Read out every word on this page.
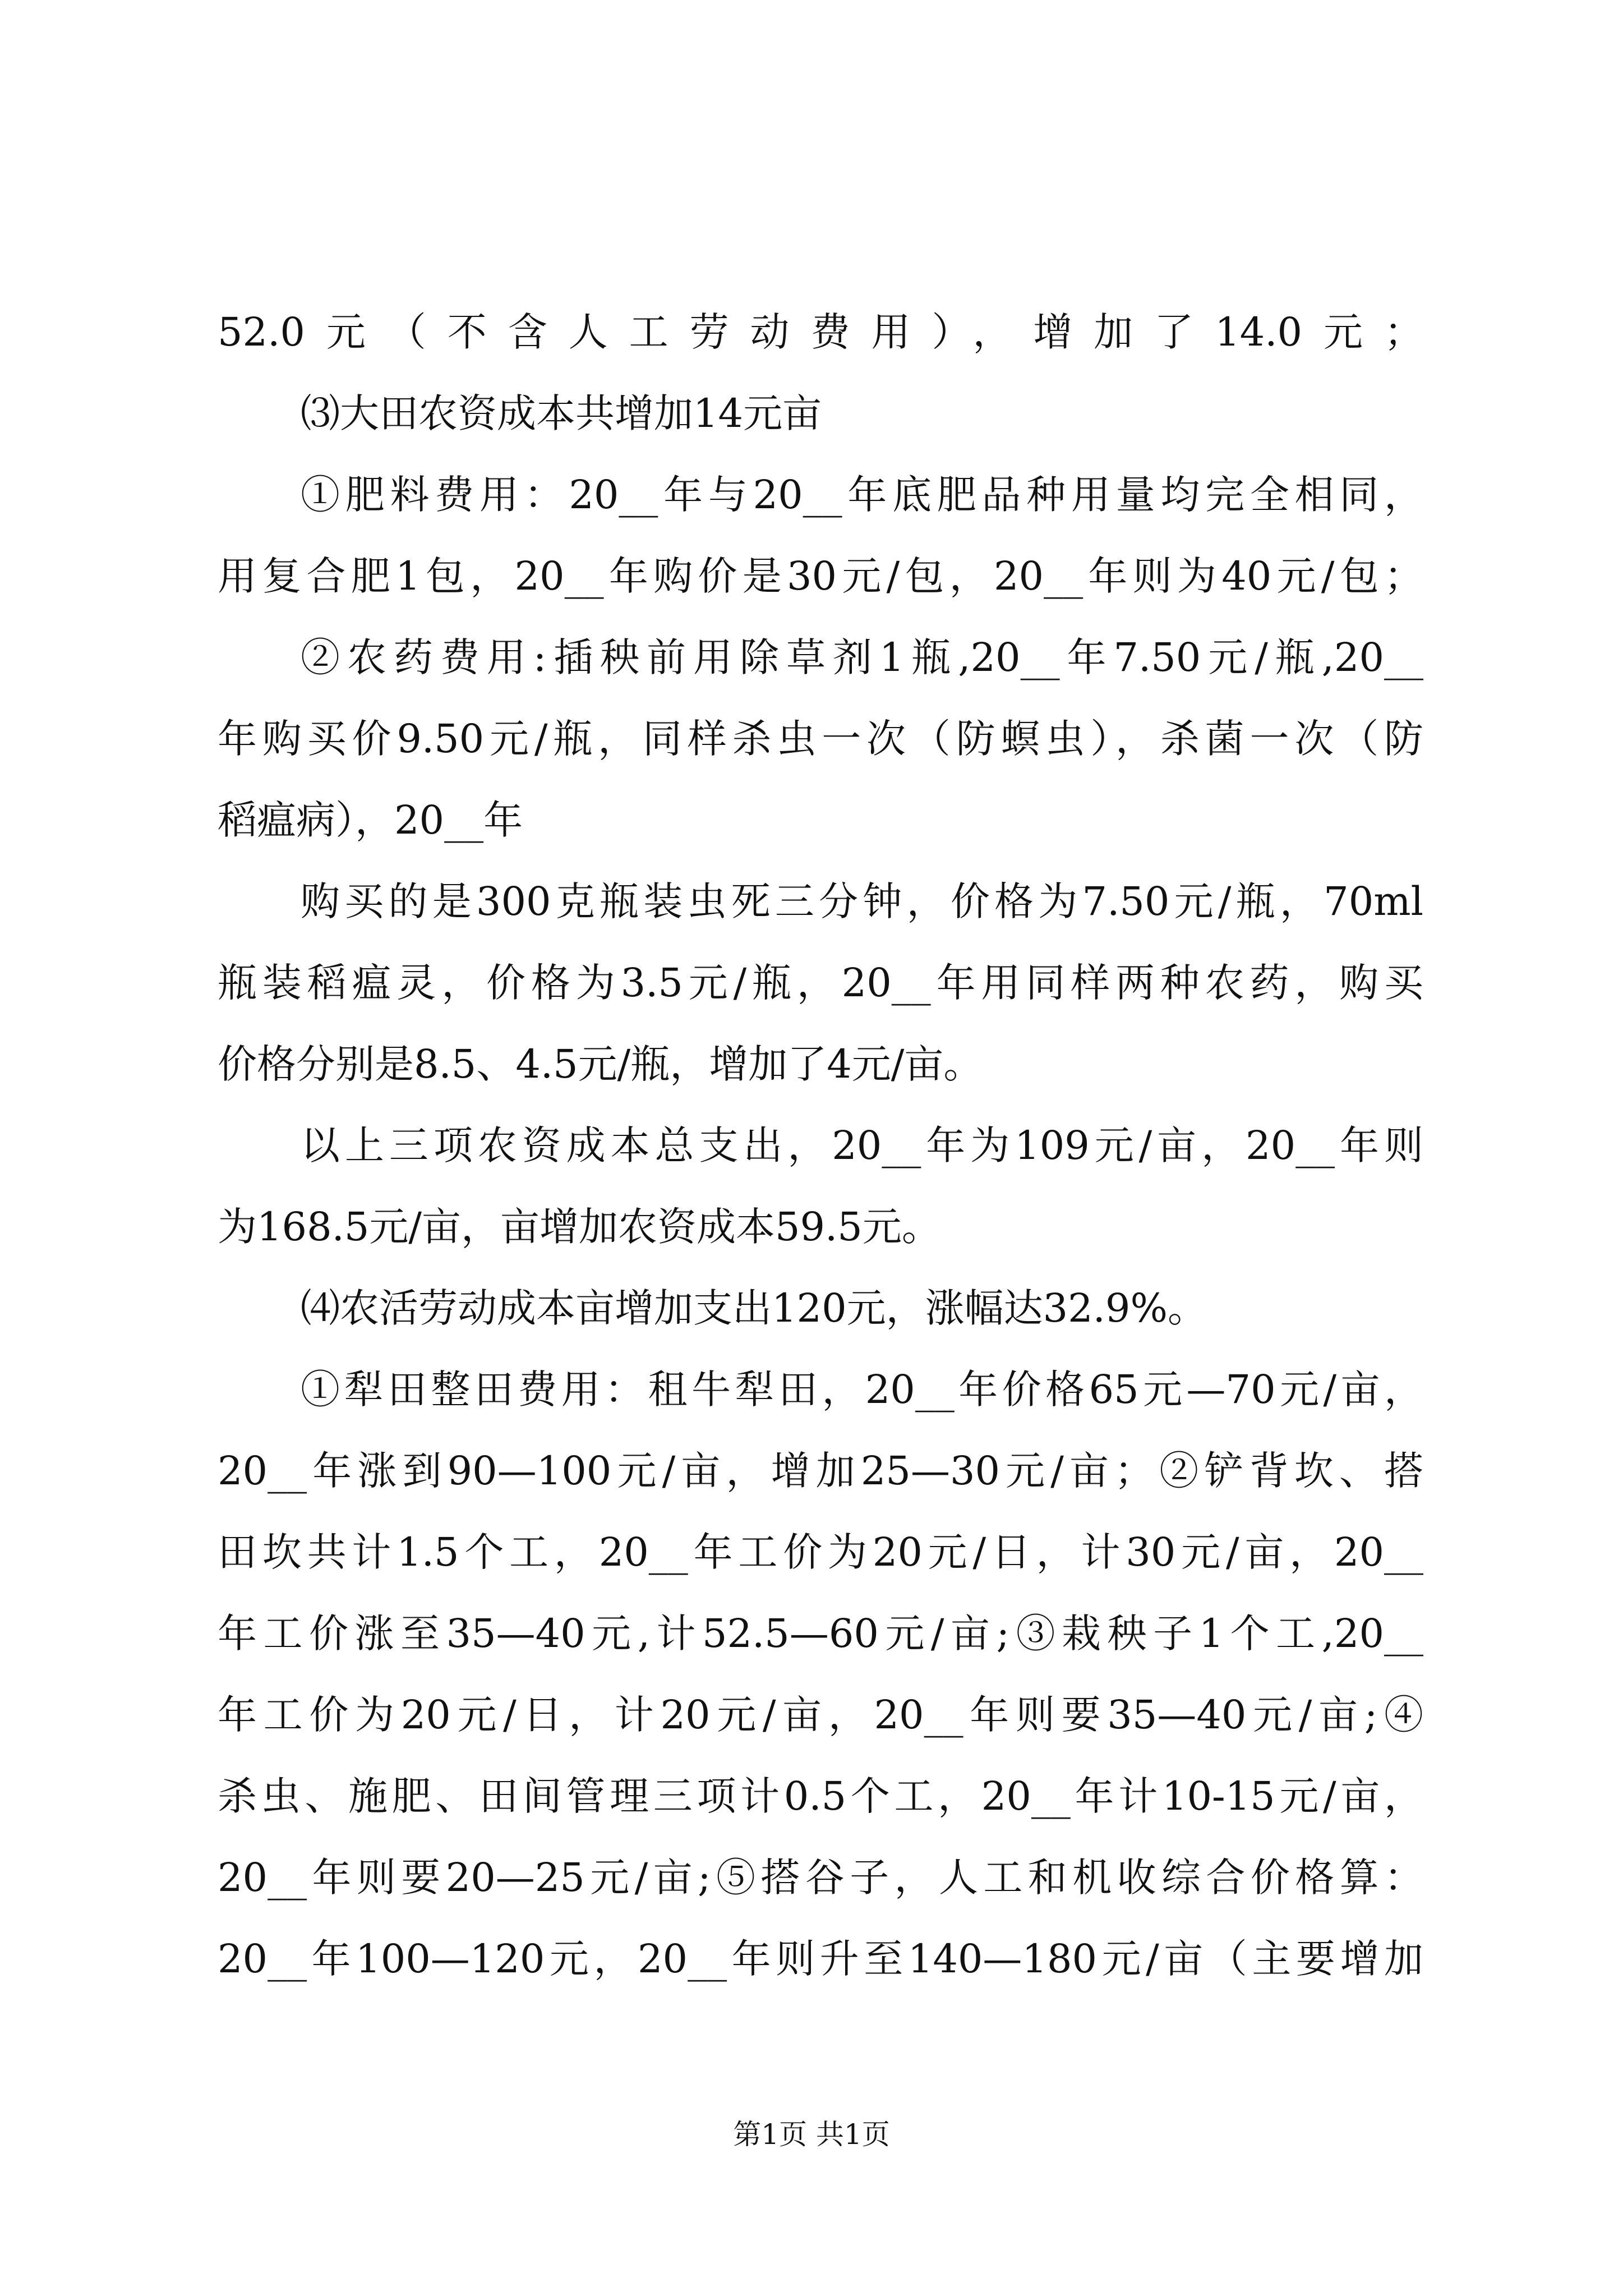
52.0元（不含人工劳动费用），增加了14.0元；

⑶大田农资成本共增加14元亩

①肥料费用：20__年与20__年底肥品种用量均完全相同，

用复合肥1包，20__年购价是30元/包，20__年则为40元/包；

②农药费用:插秧前用除草剂1瓶,20__年7.50元/瓶,20__

年购买价9.50元/瓶，同样杀虫一次（防螟虫），杀菌一次（防

稻瘟病），20__年

购买的是300克瓶装虫死三分钟，价格为7.50元/瓶，70ml

瓶装稻瘟灵，价格为3.5元/瓶，20__年用同样两种农药，购买

价格分别是8.5、4.5元/瓶，增加了4元/亩。

以上三项农资成本总支出，20__年为109元/亩，20__年则

为168.5元/亩，亩增加农资成本59.5元。

⑷农活劳动成本亩增加支出120元，涨幅达32.9%。

①犁田整田费用：租牛犁田，20__年价格65元—70元/亩，

20__年涨到90—100元/亩，增加25—30元/亩；②铲背坎、搭

田坎共计1.5个工，20__年工价为20元/日，计30元/亩，20__

年工价涨至35—40元,计52.5—60元/亩;③栽秧子1个工,20__

年工价为20元/日，计20元/亩，20__年则要35—40元/亩;④

杀虫、施肥、田间管理三项计0.5个工，20__年计10-15元/亩，

20__年则要20—25元/亩;⑤搭谷子，人工和机收综合价格算：

20__年100—120元，20__年则升至140—180元/亩（主要增加

第1页 共1页
